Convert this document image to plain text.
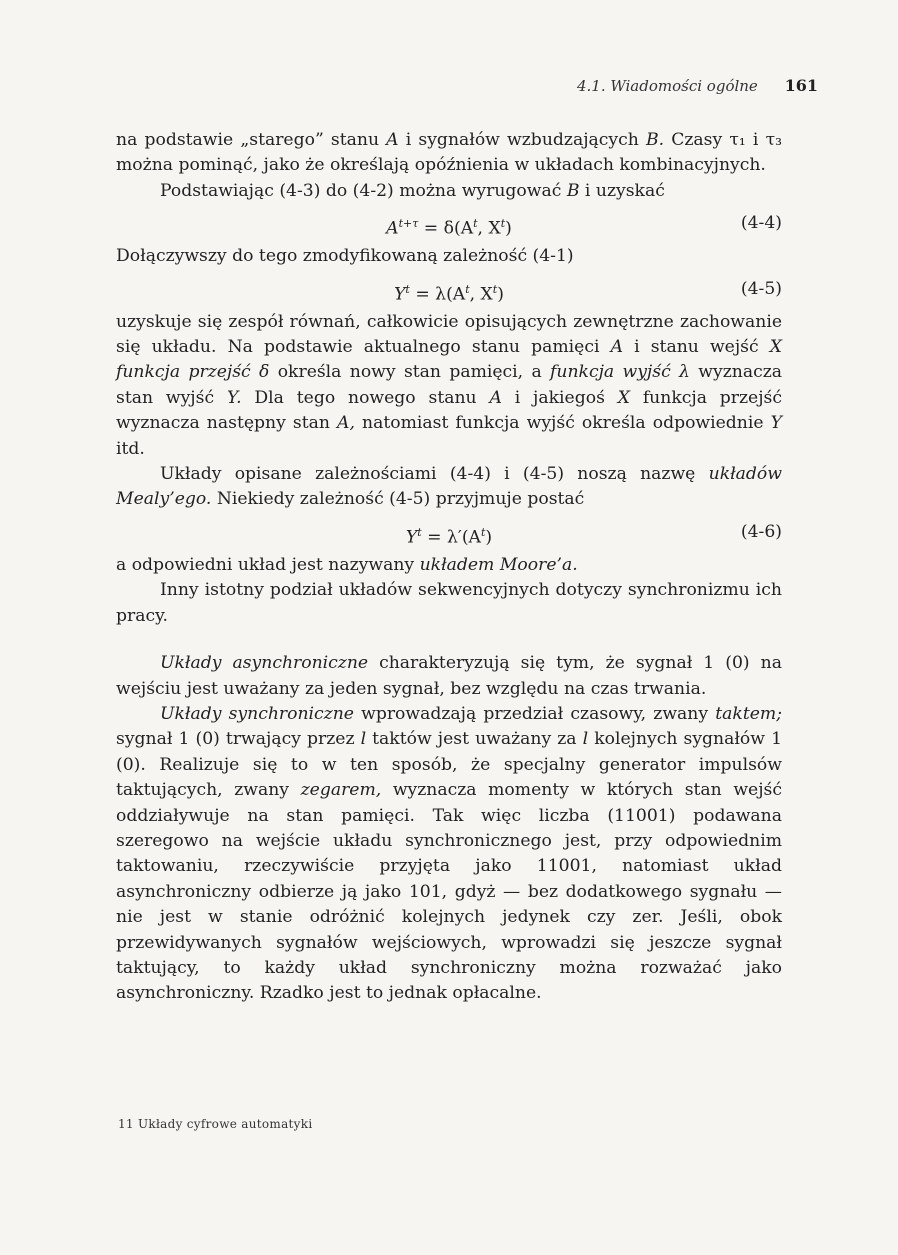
4.1. Wiadomości ogólne 161

na podstawie „starego” stanu A i sygnałów wzbudzających B. Czasy τ₁ i τ₃ można pominąć, jako że określają opóźnienia w układach kombinacyjnych.

Podstawiając (4-3) do (4-2) można wyrugować B i uzyskać

$A^{t+\tau} = \delta(A^t$, $X^t$)	(4-4)

Dołączywszy do tego zmodyfikowaną zależność (4-1)

$Y^t = \lambda(A^t$, $X^t$)	(4-5)

uzyskuje się zespół równań, całkowicie opisujących zewnętrzne zachowanie się układu. Na podstawie aktualnego stanu pamięci A i stanu wejść X funkcja przejść δ określa nowy stan pamięci, a funkcja wyjść λ wyznacza stan wyjść Y. Dla tego nowego stanu A i jakiegoś X funkcja przejść wyznacza następny stan A, natomiast funkcja wyjść określa odpowiednie Y itd.

Układy opisane zależnościami (4-4) i (4-5) noszą nazwę układów Mealy’ego. Niekiedy zależność (4-5) przyjmuje postać

$Y^t = \lambda'(A^t)$	(4-6)

a odpowiedni układ jest nazywany układem Moore’a.

Inny istotny podział układów sekwencyjnych dotyczy synchronizmu ich pracy.

Układy asynchroniczne charakteryzują się tym, że sygnał 1 (0) na wejściu jest uważany za jeden sygnał, bez względu na czas trwania.

Układy synchroniczne wprowadzają przedział czasowy, zwany taktem; sygnał 1 (0) trwający przez l taktów jest uważany za l kolejnych sygnałów 1 (0). Realizuje się to w ten sposób, że specjalny generator impulsów taktujących, zwany zegarem, wyznacza momenty w których stan wejść oddziaływuje na stan pamięci. Tak więc liczba (11001) podawana szeregowo na wejście układu synchronicznego jest, przy odpowiednim taktowaniu, rzeczywiście przyjęta jako 11001, natomiast układ asynchroniczny odbierze ją jako 101, gdyż — bez dodatkowego sygnału — nie jest w stanie odróżnić kolejnych jedynek czy zer. Jeśli, obok przewidywanych sygnałów wejściowych, wprowadzi się jeszcze sygnał taktujący, to każdy układ synchroniczny można rozważać jako asynchroniczny. Rzadko jest to jednak opłacalne.

11 Układy cyfrowe automatyki
